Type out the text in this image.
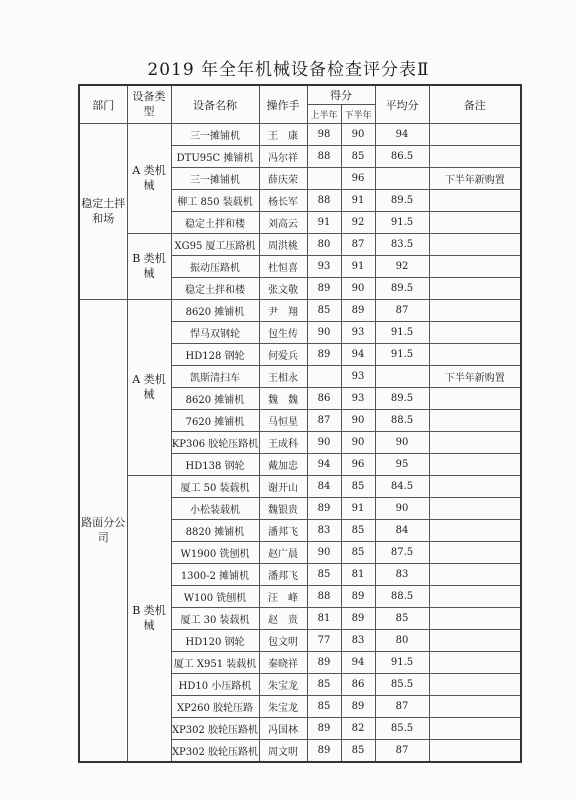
2019 年全年机械设备检查评分表Ⅱ
部门	设备类型	设备名称	操作手	得分		平均分	备注
				上半年	下半年		
稳定土拌和场	A 类机械	三一摊铺机	王　康	98	90	94	
		DTU95C 摊铺机	冯尔祥	88	85	86.5	
		三一摊铺机	薛庆荣		96		下半年新购置
		柳工 850 装载机	杨长军	88	91	89.5	
		稳定土拌和楼	刘高云	91	92	91.5	
	B 类机械	XG95 厦工压路机	周洪桃	80	87	83.5	
		振动压路机	杜恒喜	93	91	92	
		稳定土拌和楼	张文敬	89	90	89.5	
路面分公司	A 类机械	8620 摊铺机	尹　翔	85	89	87	
		悍马双钢轮	包生传	90	93	91.5	
		HD128 钢轮	何爱兵	89	94	91.5	
		凯斯清扫车	王相永		93		下半年新购置
		8620 摊铺机	魏　魏	86	93	89.5	
		7620 摊铺机	马恒星	87	90	88.5	
		KP306 胶轮压路机	王成科	90	90	90	
		HD138 钢轮	戴加忠	94	96	95	
	B 类机械	厦工 50 装载机	谢开山	84	85	84.5	
		小松装载机	魏银贵	89	91	90	
		8820 摊铺机	潘邦飞	83	85	84	
		W1900 铣刨机	赵广晨	90	85	87.5	
		1300-2 摊铺机	潘邦飞	85	81	83	
		W100 铣刨机	汪　峰	88	89	88.5	
		厦工 30 装载机	赵　贵	81	89	85	
		HD120 钢轮	包文明	77	83	80	
		厦工 X951 装载机	秦晓祥	89	94	91.5	
		HD10 小压路机	朱宝龙	85	86	85.5	
		XP260 胶轮压路	朱宝龙	85	89	87	
		XP302 胶轮压路机	冯国林	89	82	85.5	
		XP302 胶轮压路机	周文明	89	85	87	
